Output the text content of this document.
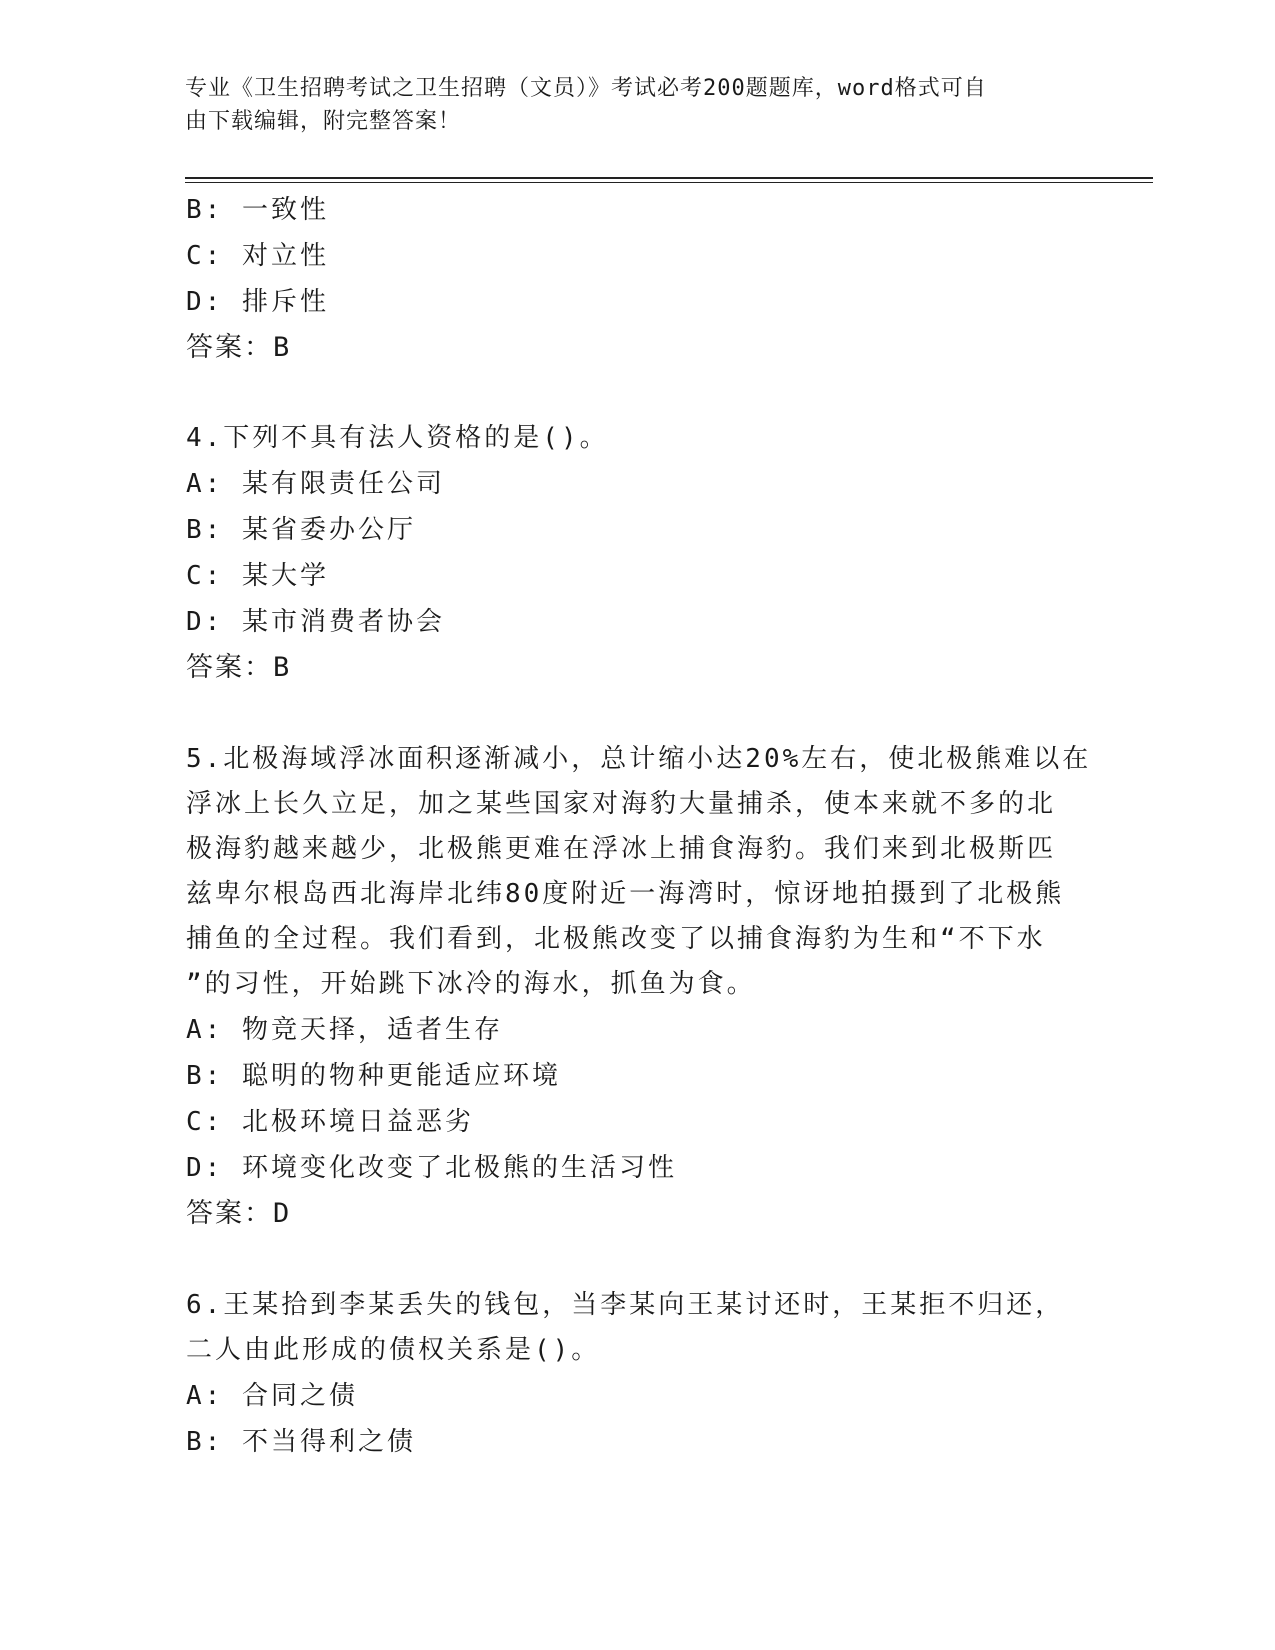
专业《卫生招聘考试之卫生招聘（文员）》考试必考200题题库，word格式可自
由下载编辑，附完整答案！
B: 一致性
C: 对立性
D: 排斥性
答案：B
4.下列不具有法人资格的是()。
A: 某有限责任公司
B: 某省委办公厅
C: 某大学
D: 某市消费者协会
答案：B
5.北极海域浮冰面积逐渐减小，总计缩小达20%左右，使北极熊难以在
浮冰上长久立足，加之某些国家对海豹大量捕杀，使本来就不多的北
极海豹越来越少，北极熊更难在浮冰上捕食海豹。我们来到北极斯匹
兹卑尔根岛西北海岸北纬80度附近一海湾时，惊讶地拍摄到了北极熊
捕鱼的全过程。我们看到，北极熊改变了以捕食海豹为生和“不下水
”的习性，开始跳下冰冷的海水，抓鱼为食。
A: 物竞天择，适者生存
B: 聪明的物种更能适应环境
C: 北极环境日益恶劣
D: 环境变化改变了北极熊的生活习性
答案：D
6.王某拾到李某丢失的钱包，当李某向王某讨还时，王某拒不归还，
二人由此形成的债权关系是()。
A: 合同之债
B: 不当得利之债
